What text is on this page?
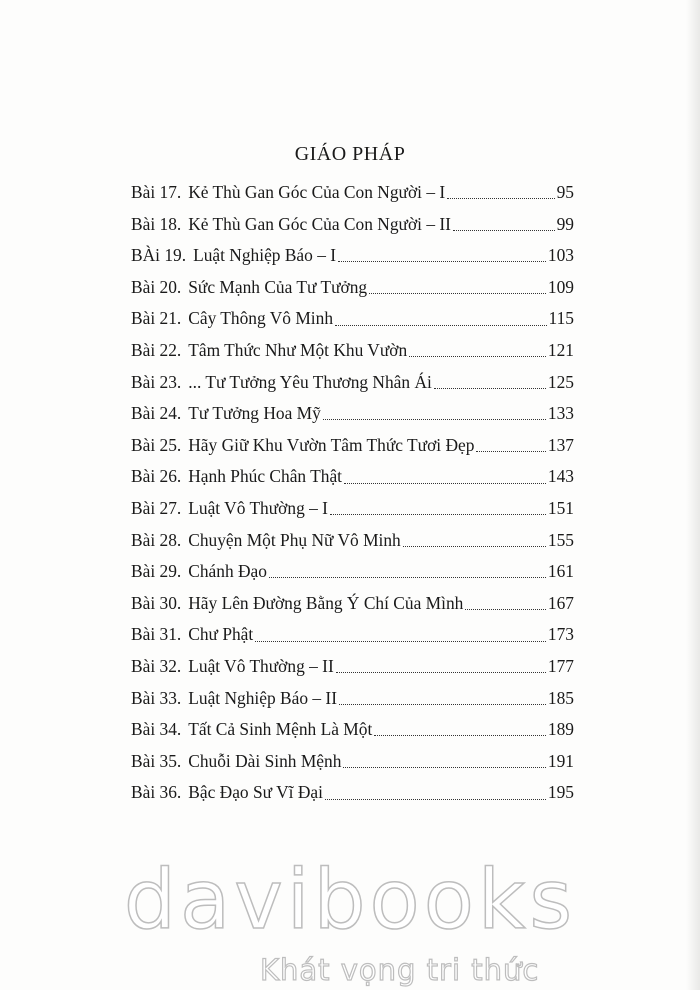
GIÁO PHÁP
Bài 17. Kẻ Thù Gan Góc Của Con Người – I	95
Bài 18. Kẻ Thù Gan Góc Của Con Người – II	99
BÀi 19. Luật Nghiệp Báo – I	103
Bài 20. Sức Mạnh Của Tư Tưởng	109
Bài 21. Cây Thông Vô Minh	115
Bài 22. Tâm Thức Như Một Khu Vườn	121
Bài 23. ... Tư Tưởng Yêu Thương Nhân Ái	125
Bài 24. Tư Tưởng Hoa Mỹ	133
Bài 25. Hãy Giữ Khu Vườn Tâm Thức Tươi Đẹp	137
Bài 26. Hạnh Phúc Chân Thật	143
Bài 27. Luật Vô Thường – I	151
Bài 28. Chuyện Một Phụ Nữ Vô Minh	155
Bài 29. Chánh Đạo	161
Bài 30. Hãy Lên Đường Bằng Ý Chí Của Mình	167
Bài 31. Chư Phật	173
Bài 32. Luật Vô Thường – II	177
Bài 33. Luật Nghiệp Báo – II	185
Bài 34. Tất Cả Sinh Mệnh Là Một	189
Bài 35. Chuỗi Dài Sinh Mệnh	191
Bài 36. Bậc Đạo Sư Vĩ Đại	195
davibooks
Khát vọng tri thức
